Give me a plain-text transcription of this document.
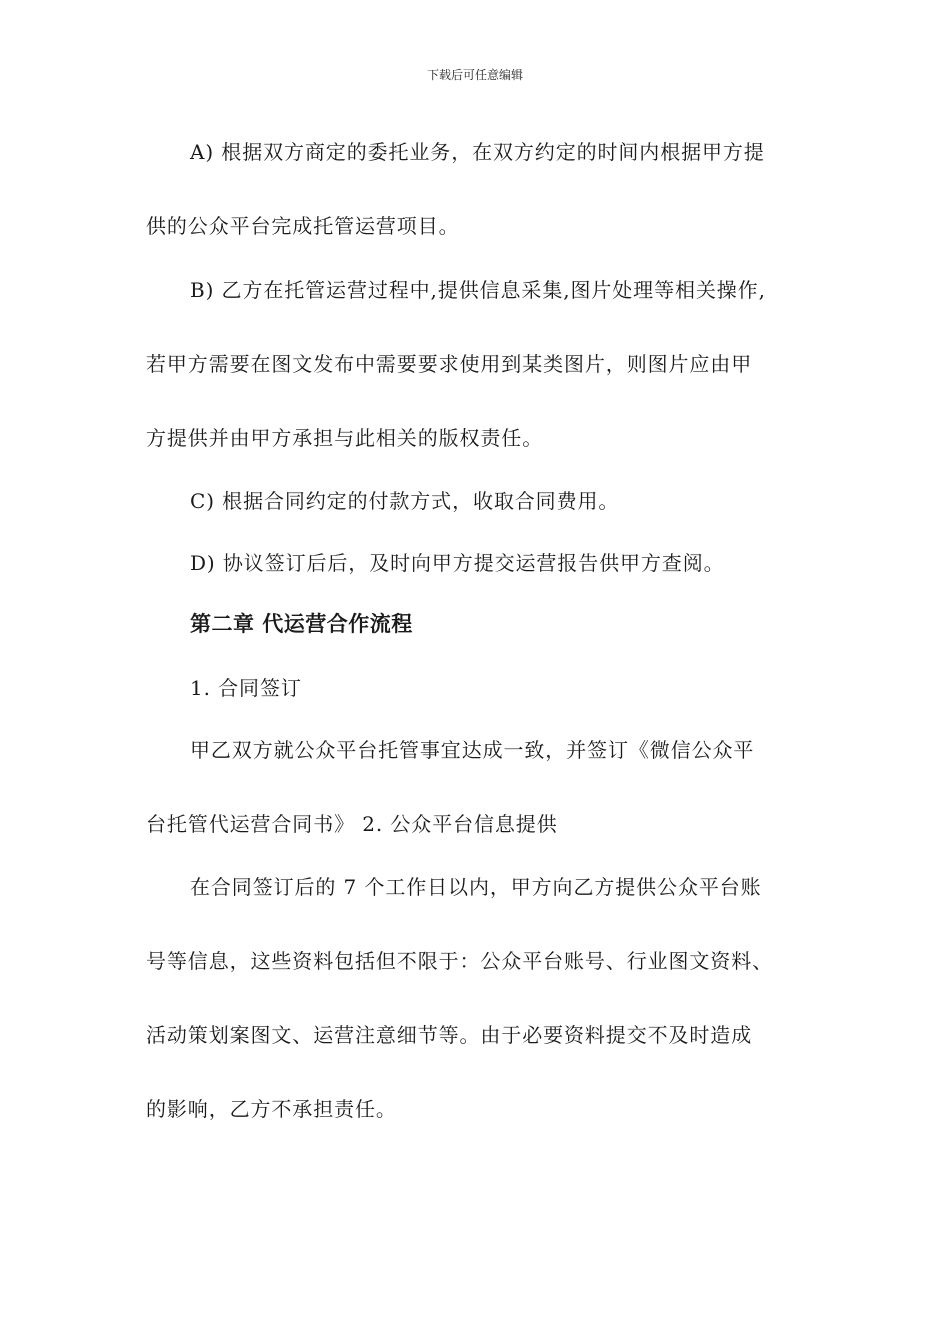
下载后可任意编辑
A) 根据双方商定的委托业务，在双方约定的时间内根据甲方提
供的公众平台完成托管运营项目。
B) 乙方在托管运营过程中,提供信息采集,图片处理等相关操作,
若甲方需要在图文发布中需要要求使用到某类图片，则图片应由甲
方提供并由甲方承担与此相关的版权责任。
C) 根据合同约定的付款方式，收取合同费用。
D) 协议签订后后，及时向甲方提交运营报告供甲方查阅。
第二章 代运营合作流程
1. 合同签订
甲乙双方就公众平台托管事宜达成一致，并签订《微信公众平
台托管代运营合同书》 2. 公众平台信息提供
在合同签订后的 7 个工作日以内，甲方向乙方提供公众平台账
号等信息，这些资料包括但不限于：公众平台账号、行业图文资料、
活动策划案图文、运营注意细节等。由于必要资料提交不及时造成
的影响，乙方不承担责任。
